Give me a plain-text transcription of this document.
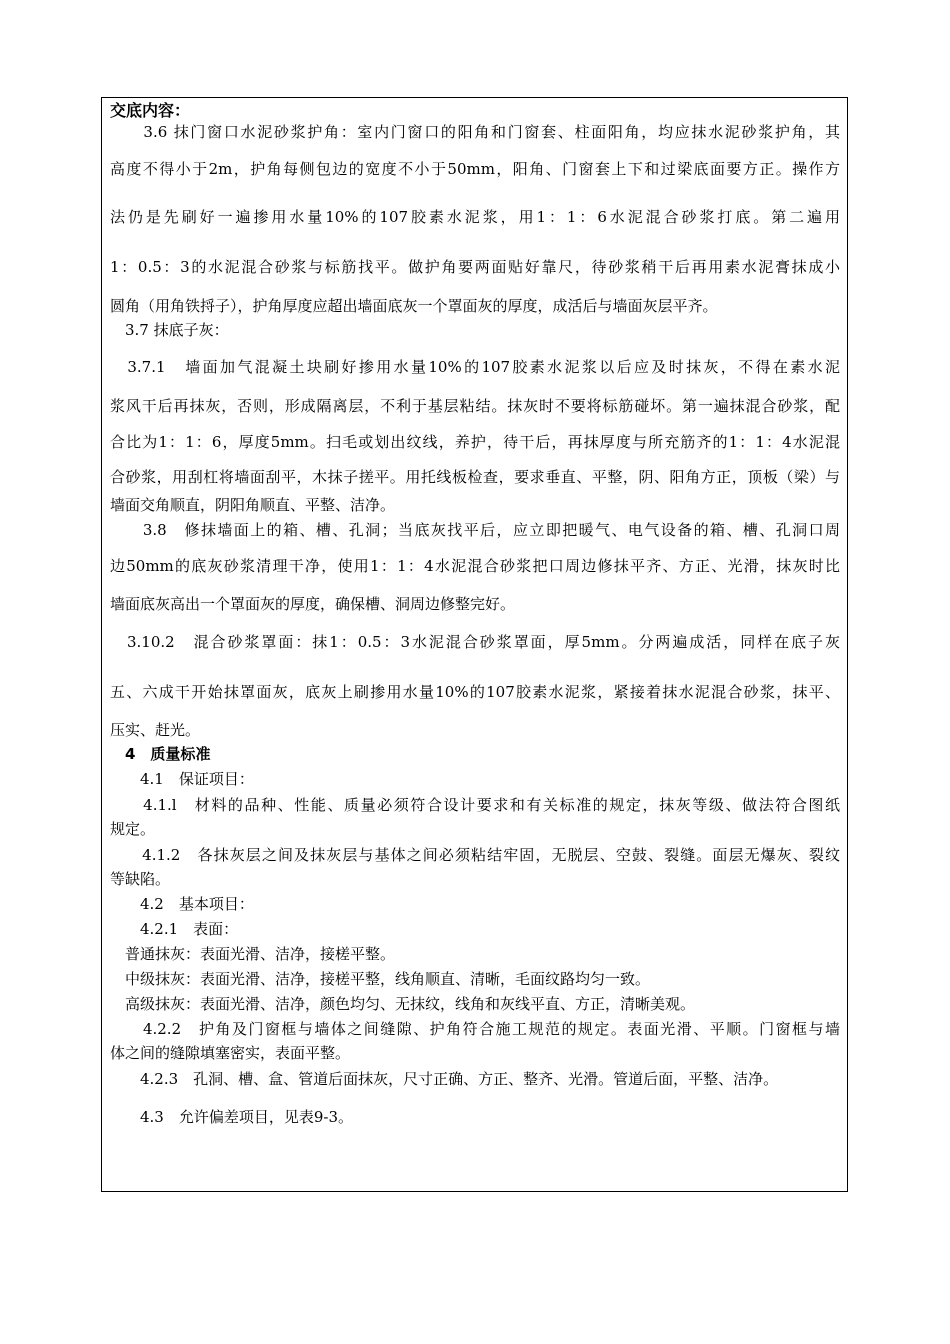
交底内容：
　　3.6 抹门窗口水泥砂浆护角：室内门窗口的阳角和门窗套、柱面阳角，均应抹水泥砂浆护角，其
高度不得小于2m，护角每侧包边的宽度不小于50mm，阳角、门窗套上下和过梁底面要方正。操作方
法仍是先刷好一遍掺用水量10%的107胶素水泥浆，用1：1：6水泥混合砂浆打底。第二遍用
1：0.5：3的水泥混合砂浆与标筋找平。做护角要两面贴好靠尺，待砂浆稍干后再用素水泥膏抹成小
圆角（用角铁捋子），护角厚度应超出墙面底灰一个罩面灰的厚度，成活后与墙面灰层平齐。
　3.7 抹底子灰：
　3.7.1　墙面加气混凝土块刷好掺用水量10%的107胶素水泥浆以后应及时抹灰，不得在素水泥
浆风干后再抹灰，否则，形成隔离层，不利于基层粘结。抹灰时不要将标筋碰坏。第一遍抹混合砂浆，配
合比为1：1：6，厚度5mm。扫毛或划出纹线，养护，待干后，再抹厚度与所充筋齐的1：1：4水泥混
合砂浆，用刮杠将墙面刮平，木抹子搓平。用托线板检查，要求垂直、平整，阴、阳角方正，顶板（梁）与
墙面交角顺直，阴阳角顺直、平整、洁净。
　　3.8　修抹墙面上的箱、槽、孔洞；当底灰找平后，应立即把暖气、电气设备的箱、槽、孔洞口周
边50mm的底灰砂浆清理干净，使用1：1：4水泥混合砂浆把口周边修抹平齐、方正、光滑，抹灰时比
墙面底灰高出一个罩面灰的厚度，确保槽、洞周边修整完好。
　3.10.2　混合砂浆罩面：抹1：0.5：3水泥混合砂浆罩面，厚5mm。分两遍成活，同样在底子灰
五、六成干开始抹罩面灰，底灰上刷掺用水量10%的107胶素水泥浆，紧接着抹水泥混合砂浆，抹平、
压实、赶光。
　4　质量标准
　　4.1　保证项目：
　　4.1.l　材料的品种、性能、质量必须符合设计要求和有关标准的规定，抹灰等级、做法符合图纸
规定。
　　4.1.2　各抹灰层之间及抹灰层与基体之间必须粘结牢固，无脱层、空鼓、裂缝。面层无爆灰、裂纹
等缺陷。
　　4.2　基本项目：
　　4.2.1　表面：
　普通抹灰：表面光滑、洁净，接槎平整。
　中级抹灰：表面光滑、洁净，接槎平整，线角顺直、清晰，毛面纹路均匀一致。
　高级抹灰：表面光滑、洁净，颜色均匀、无抹纹，线角和灰线平直、方正，清晰美观。
　　4.2.2　护角及门窗框与墙体之间缝隙、护角符合施工规范的规定。表面光滑、平顺。门窗框与墙
体之间的缝隙填塞密实，表面平整。
　　4.2.3　孔洞、槽、盒、管道后面抹灰，尺寸正确、方正、整齐、光滑。管道后面，平整、洁净。
　　4.3　允许偏差项目，见表9-3。
